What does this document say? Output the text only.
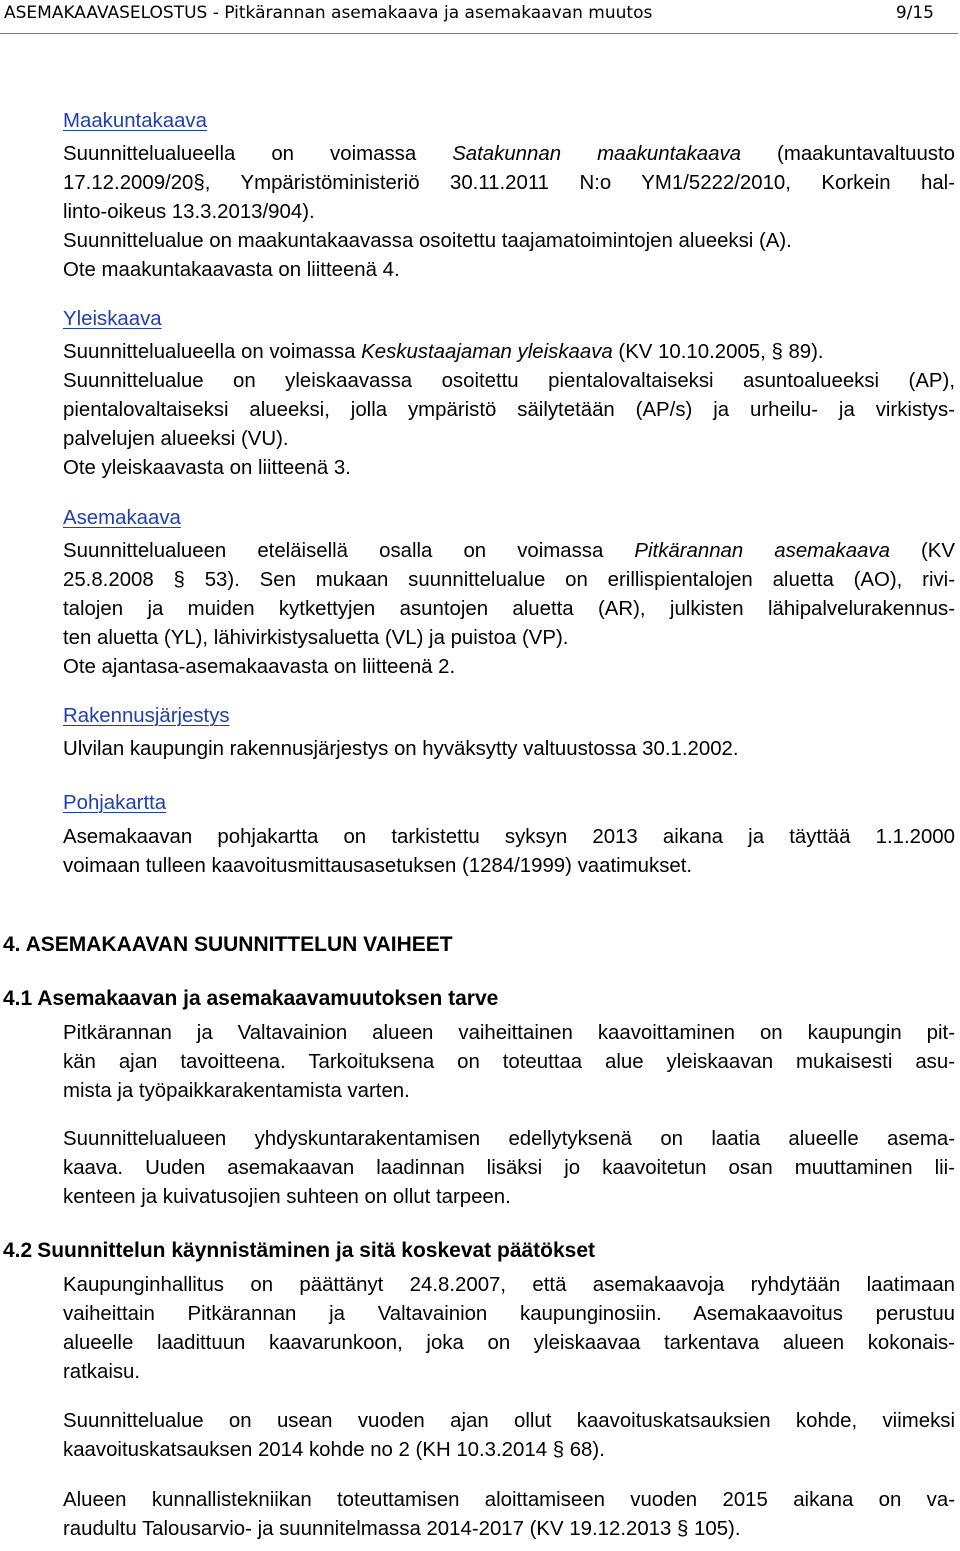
ASEMAKAAVASELOSTUS - Pitkärannan asemakaava ja asemakaavan muutos	9/15
Maakuntakaava
Suunnittelualueella on voimassa Satakunnan maakuntakaava (maakuntavaltuusto
17.12.2009/20§, Ympäristöministeriö 30.11.2011 N:o YM1/5222/2010, Korkein hal-
linto-oikeus 13.3.2013/904).
Suunnittelualue on maakuntakaavassa osoitettu taajamatoimintojen alueeksi (A).
Ote maakuntakaavasta on liitteenä 4.
Yleiskaava
Suunnittelualueella on voimassa Keskustaajaman yleiskaava (KV 10.10.2005, § 89).
Suunnittelualue on yleiskaavassa osoitettu pientalovaltaiseksi asuntoalueeksi (AP),
pientalovaltaiseksi alueeksi, jolla ympäristö säilytetään (AP/s) ja urheilu- ja virkistys-
palvelujen alueeksi (VU).
Ote yleiskaavasta on liitteenä 3.
Asemakaava
Suunnittelualueen eteläisellä osalla on voimassa Pitkärannan asemakaava (KV
25.8.2008 § 53). Sen mukaan suunnittelualue on erillispientalojen aluetta (AO), rivi-
talojen ja muiden kytkettyjen asuntojen aluetta (AR), julkisten lähipalvelurakennus-
ten aluetta (YL), lähivirkistysaluetta (VL) ja puistoa (VP).
Ote ajantasa-asemakaavasta on liitteenä 2.
Rakennusjärjestys
Ulvilan kaupungin rakennusjärjestys on hyväksytty valtuustossa 30.1.2002.
Pohjakartta
Asemakaavan pohjakartta on tarkistettu syksyn 2013 aikana ja täyttää 1.1.2000
voimaan tulleen kaavoitusmittausasetuksen (1284/1999) vaatimukset.
4. ASEMAKAAVAN SUUNNITTELUN VAIHEET
4.1 Asemakaavan ja asemakaavamuutoksen tarve
Pitkärannan ja Valtavainion alueen vaiheittainen kaavoittaminen on kaupungin pit-
kän ajan tavoitteena. Tarkoituksena on toteuttaa alue yleiskaavan mukaisesti asu-
mista ja työpaikkarakentamista varten.
Suunnittelualueen yhdyskuntarakentamisen edellytyksenä on laatia alueelle asema-
kaava. Uuden asemakaavan laadinnan lisäksi jo kaavoitetun osan muuttaminen lii-
kenteen ja kuivatusojien suhteen on ollut tarpeen.
4.2 Suunnittelun käynnistäminen ja sitä koskevat päätökset
Kaupunginhallitus on päättänyt 24.8.2007, että asemakaavoja ryhdytään laatimaan
vaiheittain Pitkärannan ja Valtavainion kaupunginosiin. Asemakaavoitus perustuu
alueelle laadittuun kaavarunkoon, joka on yleiskaavaa tarkentava alueen kokonais-
ratkaisu.
Suunnittelualue on usean vuoden ajan ollut kaavoituskatsauksien kohde, viimeksi
kaavoituskatsauksen 2014 kohde no 2 (KH 10.3.2014 § 68).
Alueen kunnallistekniikan toteuttamisen aloittamiseen vuoden 2015 aikana on va-
raudultu Talousarvio- ja suunnitelmassa 2014-2017 (KV 19.12.2013 § 105).
